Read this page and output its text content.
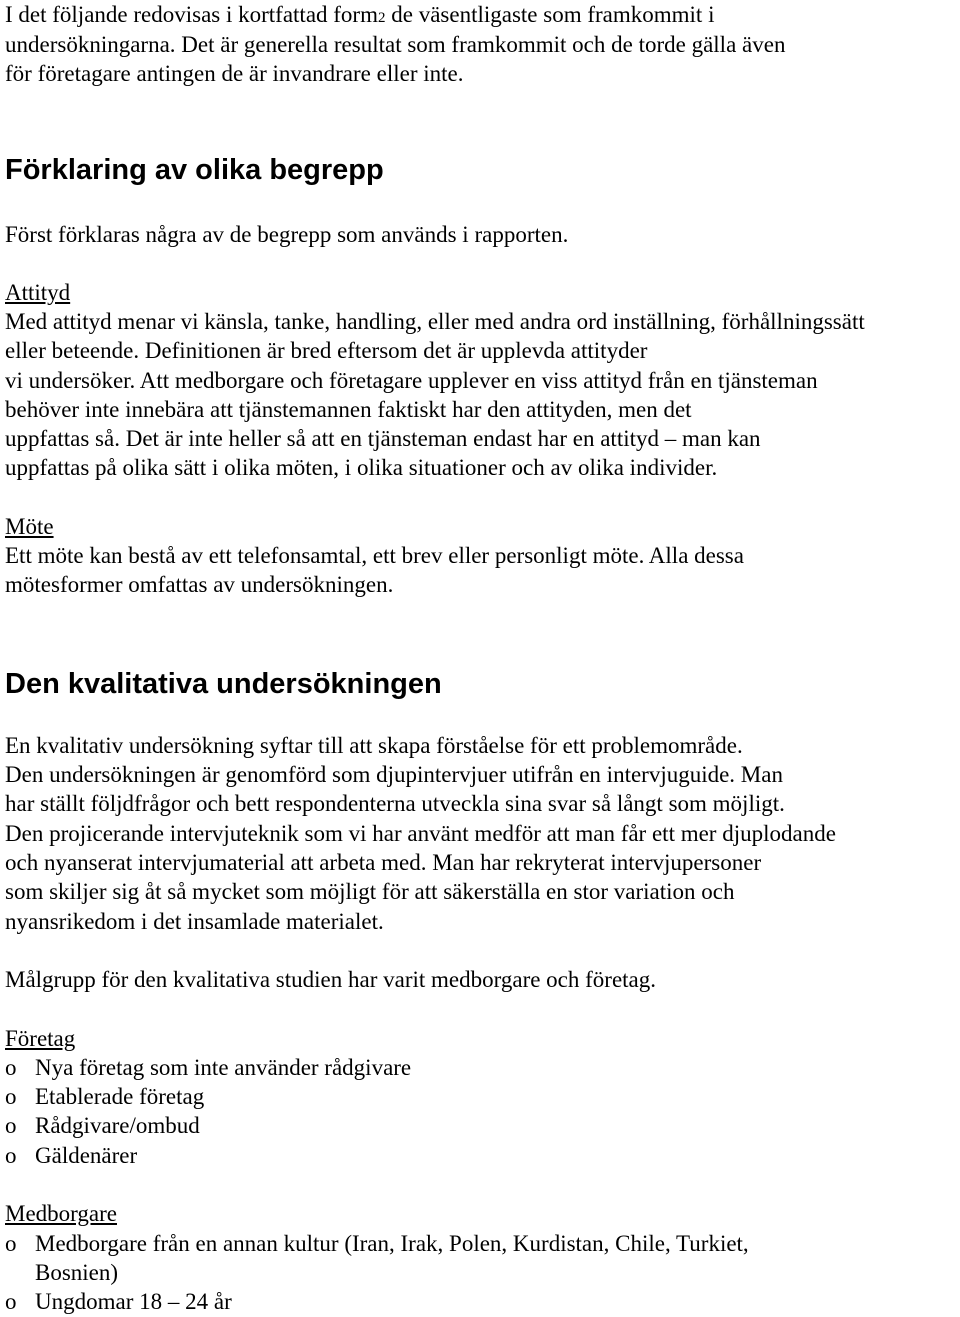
I det följande redovisas i kortfattad form2 de väsentligaste som framkommit i
undersökningarna. Det är generella resultat som framkommit och de torde gälla även
för företagare antingen de är invandrare eller inte.
Förklaring av olika begrepp
Först förklaras några av de begrepp som används i rapporten.
Attityd
Med attityd menar vi känsla, tanke, handling, eller med andra ord inställning, förhållningssätt
eller beteende. Definitionen är bred eftersom det är upplevda attityder
vi undersöker. Att medborgare och företagare upplever en viss attityd från en tjänsteman
behöver inte innebära att tjänstemannen faktiskt har den attityden, men det
uppfattas så. Det är inte heller så att en tjänsteman endast har en attityd – man kan
uppfattas på olika sätt i olika möten, i olika situationer och av olika individer.
Möte
Ett möte kan bestå av ett telefonsamtal, ett brev eller personligt möte. Alla dessa
mötesformer omfattas av undersökningen.
Den kvalitativa undersökningen
En kvalitativ undersökning syftar till att skapa förståelse för ett problemområde.
Den undersökningen är genomförd som djupintervjuer utifrån en intervjuguide. Man
har ställt följdfrågor och bett respondenterna utveckla sina svar så långt som möjligt.
Den projicerande intervjuteknik som vi har använt medför att man får ett mer djuplodande
och nyanserat intervjumaterial att arbeta med. Man har rekryterat intervjupersoner
som skiljer sig åt så mycket som möjligt för att säkerställa en stor variation och
nyansrikedom i det insamlade materialet.
Målgrupp för den kvalitativa studien har varit medborgare och företag.
Företag
o Nya företag som inte använder rådgivare
o Etablerade företag
o Rådgivare/ombud
o Gäldenärer
Medborgare
o Medborgare från en annan kultur (Iran, Irak, Polen, Kurdistan, Chile, Turkiet,
Bosnien)
o Ungdomar 18 – 24 år
